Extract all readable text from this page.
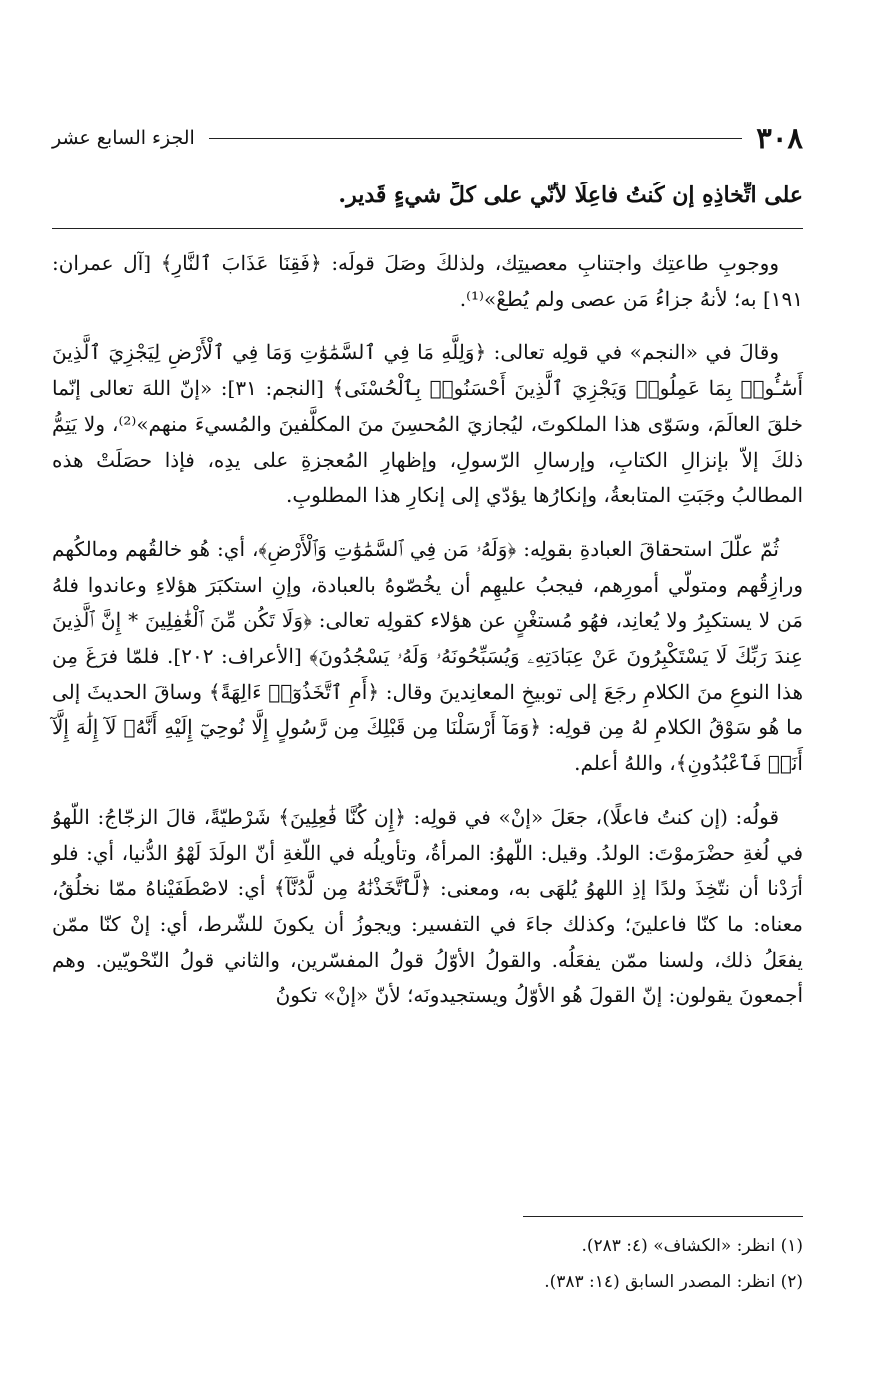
٣٠٨
الجزء السابع عشر
على اتِّخاذِهِ إن كُنتُ فاعِلًا لأنّي على كلِّ شيءٍ قَدير.

ووجوبِ طاعتِك واجتنابِ معصيتِك، ولذلكَ وصَلَ قولَه: ﴿فَقِنَا عَذَابَ ٱلنَّارِ﴾ [آل عمران: ١٩١] به؛ لأنهُ جزاءُ مَن عصى ولم يُطعْ»⁽¹⁾.

وقالَ في «النجم» في قولِه تعالى: ﴿وَلِلَّهِ مَا فِي ٱلسَّمَٰوَٰتِ وَمَا فِي ٱلْأَرْضِ لِيَجْزِيَ ٱلَّذِينَ أَسَٰٓـُٔوا۟ بِمَا عَمِلُوا۟ وَيَجْزِيَ ٱلَّذِينَ أَحْسَنُوا۟ بِٱلْحُسْنَى﴾ [النجم: ٣١]: «إنّ اللهَ تعالى إنّما خلقَ العالَمَ، وسَوّى هذا الملكوتَ، ليُجازيَ المُحسِنَ منَ المكلَّفينَ والمُسيءَ منهم»⁽²⁾، ولا يَتِمُّ ذلكَ إلاّ بإنزالِ الكتابِ، وإرسالِ الرّسولِ، وإظهارِ المُعجزةِ على يدِه، فإذا حصَلَتْ هذه المطالبُ وجَبَتِ المتابعةُ، وإنكارُها يؤدّي إلى إنكارِ هذا المطلوبِ.

ثُمّ علّلَ استحقاقَ العبادةِ بقولِه: ﴿وَلَهُۥ مَن فِي ٱلسَّمَٰوَٰتِ وَٱلْأَرْضِ﴾، أي: هُو خالقُهم ومالكُهم ورازِقُهم ومتولّي أمورِهم، فيجبُ عليهِم أن يخُصّوهُ بالعبادة، وإنِ استكبَرَ هؤلاءِ وعاندوا فلهُ مَن لا يستكبِرُ ولا يُعانِد، فهُو مُستغْنٍ عن هؤلاء كقولِه تعالى: ﴿وَلَا تَكُن مِّنَ ٱلْغَٰفِلِينَ * إِنَّ ٱلَّذِينَ عِندَ رَبِّكَ لَا يَسْتَكْبِرُونَ عَنْ عِبَادَتِهِۦ وَيُسَبِّحُونَهُۥ وَلَهُۥ يَسْجُدُونَ﴾ [الأعراف: ٢٠٢]. فلمّا فرَغَ مِن هذا النوعِ منَ الكلامِ رجَعَ إلى توبيخِ المعانِدينَ وقال: ﴿أَمِ ٱتَّخَذُوٓا۟ ءَالِهَةً﴾ وساقَ الحديثَ إلى ما هُو سَوْقُ الكلامِ لهُ مِن قولِه: ﴿وَمَآ أَرْسَلْنَا مِن قَبْلِكَ مِن رَّسُولٍ إِلَّا نُوحِيٓ إِلَيْهِ أَنَّهُۥ لَآ إِلَٰهَ إِلَّآ أَنَا۠ فَٱعْبُدُونِ﴾، واللهُ أعلم.

قولُه: (إن كنتُ فاعلًا)، جعَلَ «إنْ» في قولِه: ﴿إِن كُنَّا فَٰعِلِينَ﴾ شَرْطيّةً، قالَ الزجّاجُ: اللّهوُ في لُغةِ حضْرَموْتَ: الولدُ. وقيل: اللّهوُ: المرأةُ، وتأويلُه في اللّغةِ أنّ الولَدَ لَهْوُ الدُّنيا، أي: فلو أرَدْنا أن نتّخِذَ ولدًا إذِ اللهوُ يُلهَى به، ومعنى: ﴿لَّٱتَّخَذْنَٰهُ مِن لَّدُنَّآ﴾ أي: لاصْطَفَيْناهُ ممّا نخلُقُ، معناه: ما كنّا فاعلينَ؛ وكذلك جاءَ في التفسير: ويجوزُ أن يكونَ للشّرط، أي: إنْ كنّا ممّن يفعَلُ ذلك، ولسنا ممّن يفعَلُه. والقولُ الأوّلُ قولُ المفسّرين، والثاني قولُ النّحْويّين. وهم أجمعونَ يقولون: إنّ القولَ هُو الأوّلُ ويستجيدونَه؛ لأنّ «إنْ» تكونُ

(١) انظر: «الكشاف» (٤: ٢٨٣).
(٢) انظر: المصدر السابق (١٤: ٣٨٣).
